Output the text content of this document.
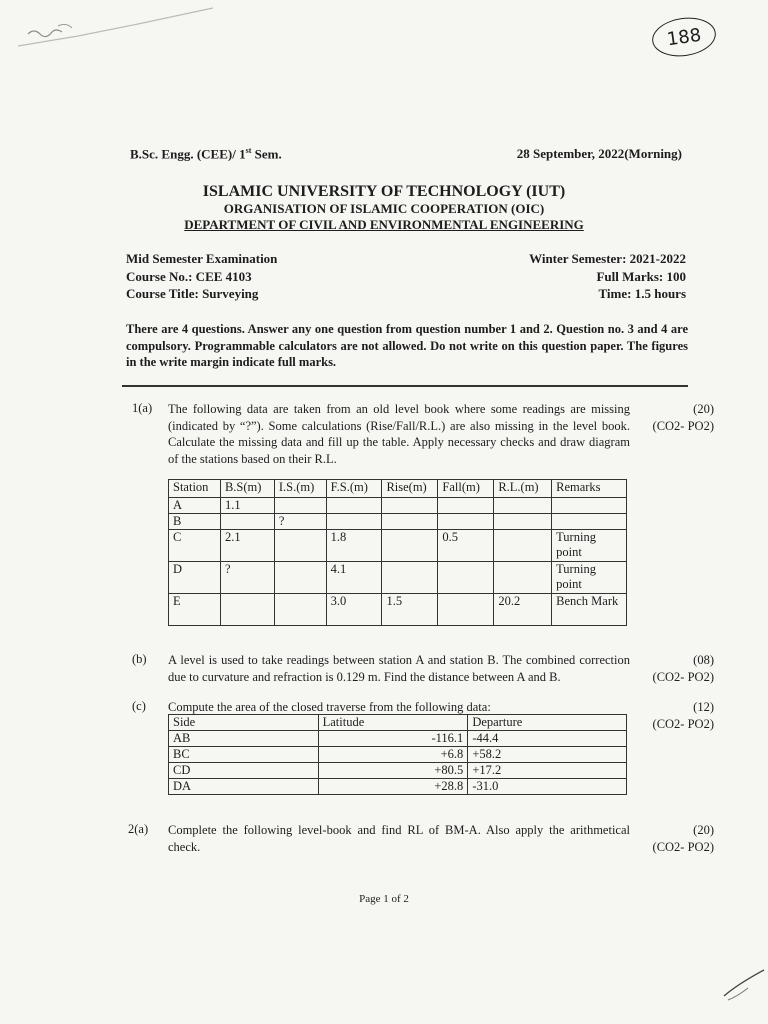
188
B.Sc. Engg. (CEE)/ 1st Sem.	28 September, 2022(Morning)
ISLAMIC UNIVERSITY OF TECHNOLOGY (IUT)
ORGANISATION OF ISLAMIC COOPERATION (OIC)
DEPARTMENT OF CIVIL AND ENVIRONMENTAL ENGINEERING
Mid Semester Examination
Course No.: CEE 4103
Course Title: Surveying
Winter Semester: 2021-2022
Full Marks: 100
Time: 1.5 hours
There are 4 questions. Answer any one question from question number 1 and 2. Question no. 3 and 4 are compulsory. Programmable calculators are not allowed. Do not write on this question paper. The figures in the write margin indicate full marks.
1(a) The following data are taken from an old level book where some readings are missing (indicated by “?”). Some calculations (Rise/Fall/R.L.) are also missing in the level book. Calculate the missing data and fill up the table. Apply necessary checks and draw diagram of the stations based on their R.L.
(20)
(CO2- PO2)
Station	B.S(m)	I.S.(m)	F.S.(m)	Rise(m)	Fall(m)	R.L.(m)	Remarks
A	1.1						
B		?					
C	2.1		1.8		0.5		Turning point
D	?		4.1				Turning point
E			3.0	1.5		20.2	Bench Mark
(b) A level is used to take readings between station A and station B. The combined correction due to curvature and refraction is 0.129 m. Find the distance between A and B.
(08)
(CO2- PO2)
(c) Compute the area of the closed traverse from the following data:	(12)
(CO2- PO2)
Side	Latitude	Departure
AB	-116.1	-44.4
BC	+6.8	+58.2
CD	+80.5	+17.2
DA	+28.8	-31.0
2(a) Complete the following level-book and find RL of BM-A. Also apply the arithmetical check.
(20)
(CO2- PO2)
Page 1 of 2
